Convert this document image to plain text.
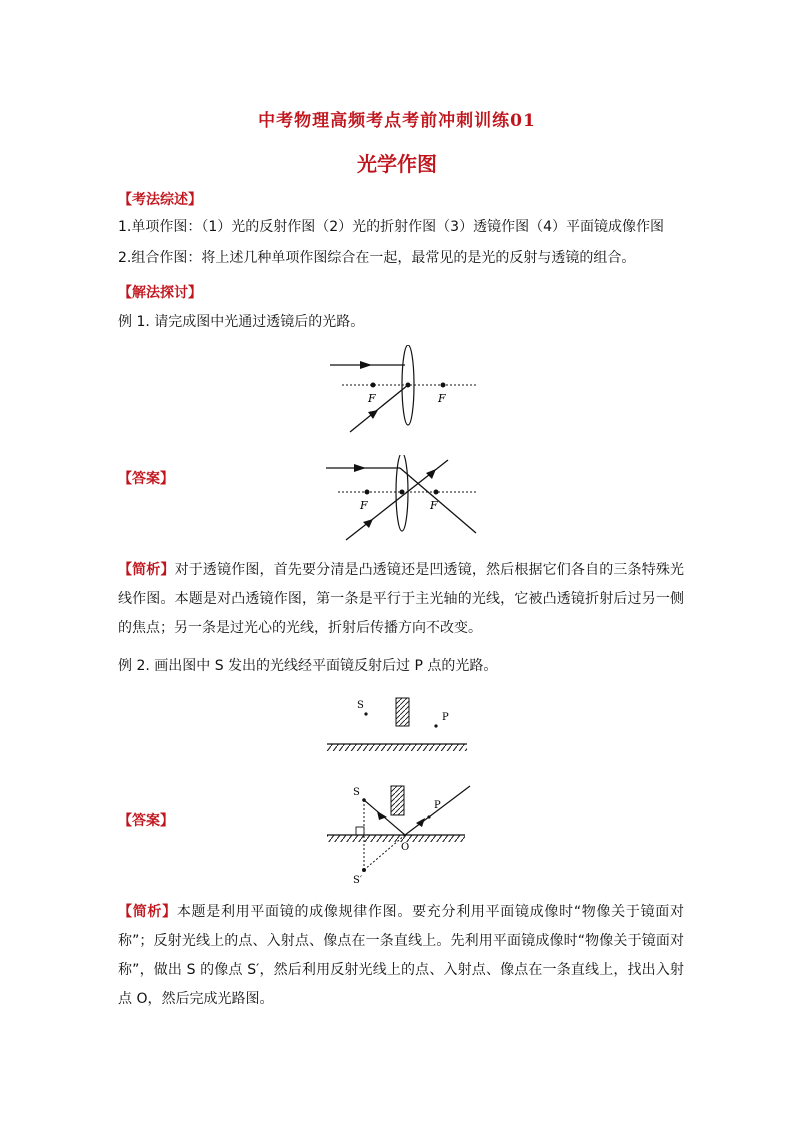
中考物理高频考点考前冲刺训练01
光学作图
【考法综述】
1.单项作图：（1）光的反射作图（2）光的折射作图（3）透镜作图（4）平面镜成像作图
2.组合作图：将上述几种单项作图综合在一起，最常见的是光的反射与透镜的组合。
【解法探讨】
例 1. 请完成图中光通过透镜后的光路。
F	F
【答案】
F	F
【简析】对于透镜作图，首先要分清是凸透镜还是凹透镜，然后根据它们各自的三条特殊光线作图。本题是对凸透镜作图，第一条是平行于主光轴的光线，它被凸透镜折射后过另一侧的焦点；另一条是过光心的光线，折射后传播方向不改变。
例 2. 画出图中 S 发出的光线经平面镜反射后过 P 点的光路。
S
P
【答案】
S
S′
P
O
【简析】本题是利用平面镜的成像规律作图。要充分利用平面镜成像时“物像关于镜面对称”；反射光线上的点、入射点、像点在一条直线上。先利用平面镜成像时“物像关于镜面对称”，做出 S 的像点 S′，然后利用反射光线上的点、入射点、像点在一条直线上，找出入射点 O，然后完成光路图。
